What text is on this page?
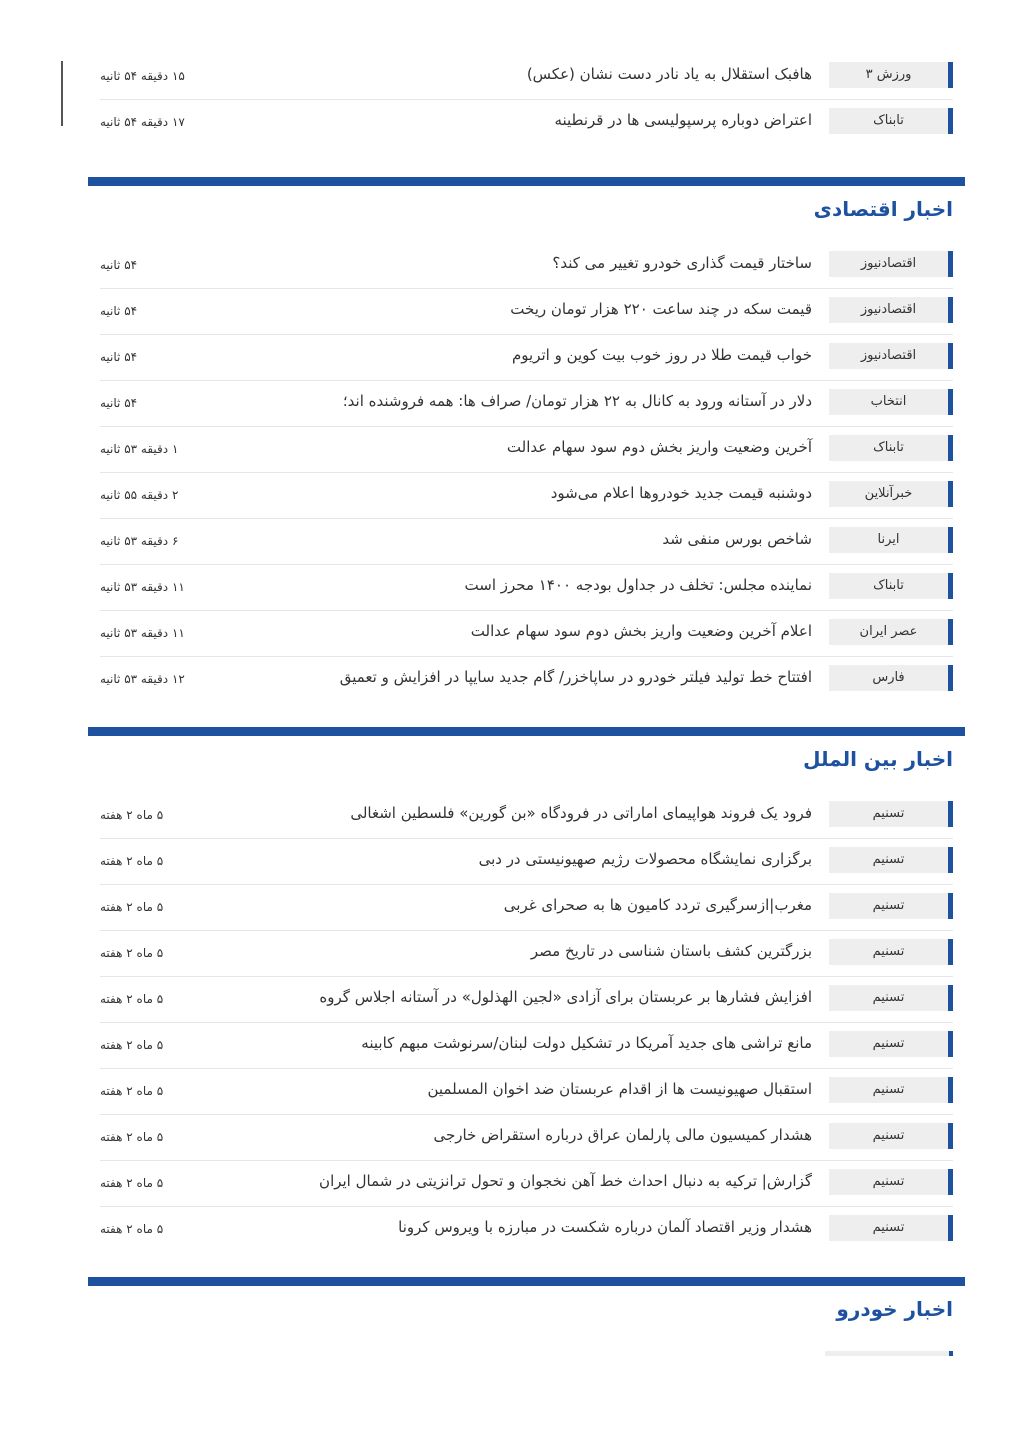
ورزش ۳
هافبک استقلال به یاد نادر دست نشان (عکس)
۱۵ دقیقه ۵۴ ثانیه
تابناک
اعتراض دوباره پرسپولیسی ها در قرنطینه
۱۷ دقیقه ۵۴ ثانیه
اخبار اقتصادی
اقتصادنیوز
ساختار قیمت گذاری خودرو تغییر می کند؟
۵۴ ثانیه
اقتصادنیوز
قیمت سکه در چند ساعت ۲۲۰ هزار تومان ریخت
۵۴ ثانیه
اقتصادنیوز
خواب قیمت طلا در روز خوب بیت کوین و اتریوم
۵۴ ثانیه
انتخاب
دلار در آستانه ورود به کانال به ۲۲ هزار تومان/ صراف ها: همه فروشنده اند؛
۵۴ ثانیه
تابناک
آخرین وضعیت واریز بخش دوم سود سهام عدالت
۱ دقیقه ۵۳ ثانیه
خبرآنلاین
دوشنبه قیمت جدید خودروها اعلام می‌شود
۲ دقیقه ۵۵ ثانیه
ایرنا
شاخص بورس منفی شد
۶ دقیقه ۵۳ ثانیه
تابناک
نماینده مجلس: تخلف در جداول بودجه ۱۴۰۰ محرز است
۱۱ دقیقه ۵۳ ثانیه
عصر ایران
اعلام آخرین وضعیت واریز بخش دوم سود سهام عدالت
۱۱ دقیقه ۵۳ ثانیه
فارس
افتتاح خط تولید فیلتر خودرو در ساپاخزر/ گام جدید سایپا در افزایش و تعمیق
۱۲ دقیقه ۵۳ ثانیه
اخبار بین الملل
تسنیم
فرود یک فروند هواپیمای اماراتی در فرودگاه «بن گورین» فلسطین اشغالی
۵ ماه ۲ هفته
تسنیم
برگزاری نمایشگاه محصولات رژیم صهیونیستی در دبی
۵ ماه ۲ هفته
تسنیم
مغرب|ازسرگیری تردد کامیون ها به صحرای غربی
۵ ماه ۲ هفته
تسنیم
بزرگترین کشف باستان شناسی در تاریخ مصر
۵ ماه ۲ هفته
تسنیم
افزایش فشارها بر عربستان برای آزادی «لجین الهذلول» در آستانه اجلاس گروه
۵ ماه ۲ هفته
تسنیم
مانع تراشی های جدید آمریکا در تشکیل دولت لبنان/سرنوشت مبهم کابینه
۵ ماه ۲ هفته
تسنیم
استقبال صهیونیست ها از اقدام عربستان ضد اخوان المسلمین
۵ ماه ۲ هفته
تسنیم
هشدار کمیسیون مالی پارلمان عراق درباره استقراض خارجی
۵ ماه ۲ هفته
تسنیم
گزارش| ترکیه به دنبال احداث خط آهن نخجوان و تحول ترانزیتی در شمال ایران
۵ ماه ۲ هفته
تسنیم
هشدار وزیر اقتصاد آلمان درباره شکست در مبارزه با ویروس کرونا
۵ ماه ۲ هفته
اخبار خودرو
